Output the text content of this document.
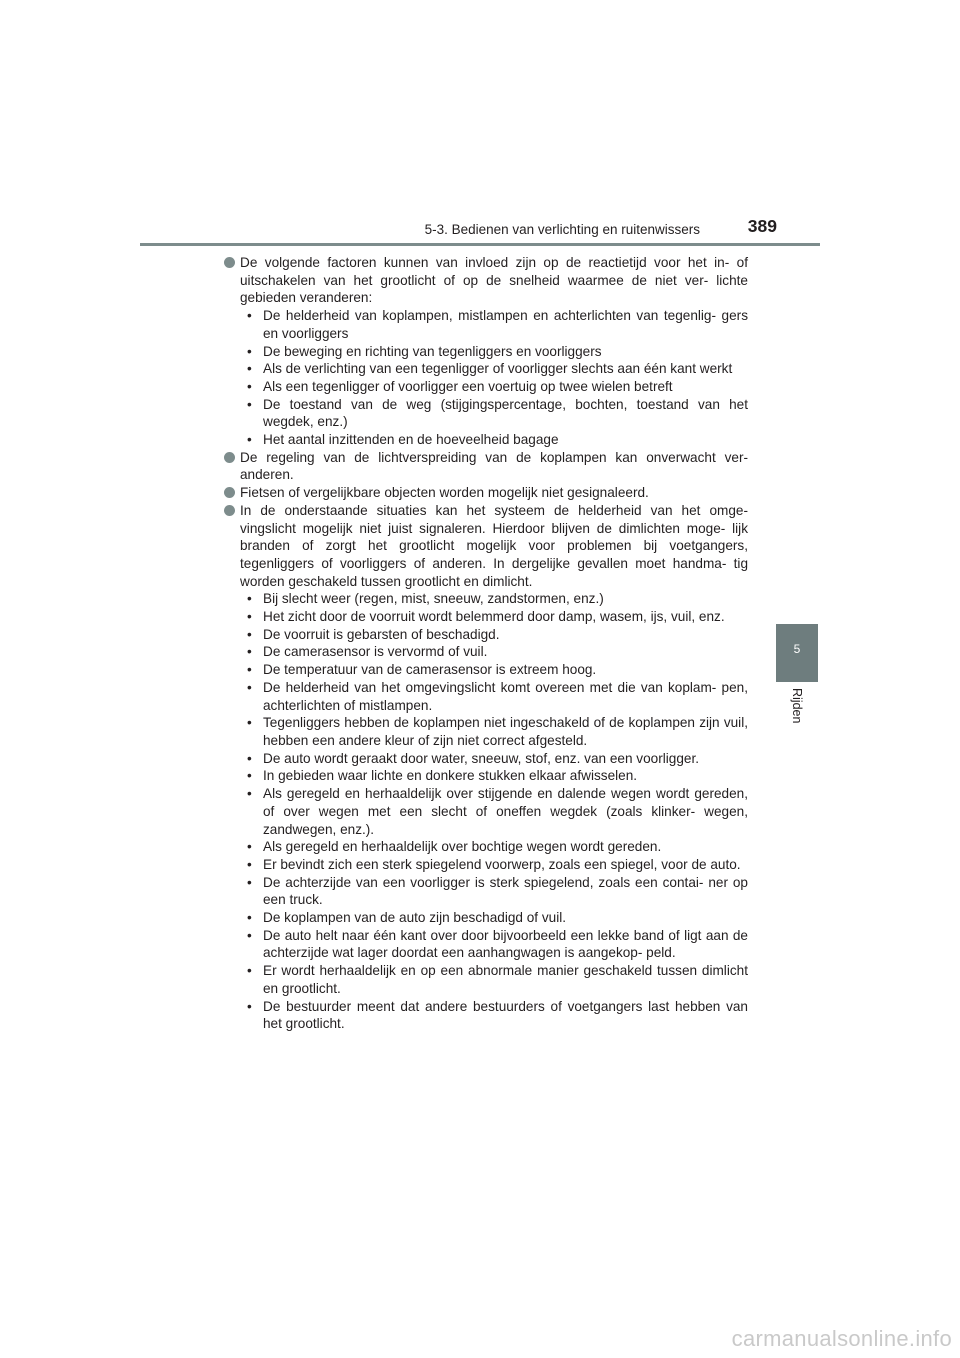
5-3. Bedienen van verlichting en ruitenwissers	389
5
Rijden
De volgende factoren kunnen van invloed zijn op de reactietijd voor het in- of uitschakelen van het grootlicht of op de snelheid waarmee de niet ver- lichte gebieden veranderen:
• De helderheid van koplampen, mistlampen en achterlichten van tegenlig- gers en voorliggers
• De beweging en richting van tegenliggers en voorliggers
• Als de verlichting van een tegenligger of voorligger slechts aan één kant werkt
• Als een tegenligger of voorligger een voertuig op twee wielen betreft
• De toestand van de weg (stijgingspercentage, bochten, toestand van het wegdek, enz.)
• Het aantal inzittenden en de hoeveelheid bagage
De regeling van de lichtverspreiding van de koplampen kan onverwacht ver- anderen.
Fietsen of vergelijkbare objecten worden mogelijk niet gesignaleerd.
In de onderstaande situaties kan het systeem de helderheid van het omge- vingslicht mogelijk niet juist signaleren. Hierdoor blijven de dimlichten moge- lijk branden of zorgt het grootlicht mogelijk voor problemen bij voetgangers, tegenliggers of voorliggers of anderen. In dergelijke gevallen moet handma- tig worden geschakeld tussen grootlicht en dimlicht.
• Bij slecht weer (regen, mist, sneeuw, zandstormen, enz.)
• Het zicht door de voorruit wordt belemmerd door damp, wasem, ijs, vuil, enz.
• De voorruit is gebarsten of beschadigd.
• De camerasensor is vervormd of vuil.
• De temperatuur van de camerasensor is extreem hoog.
• De helderheid van het omgevingslicht komt overeen met die van koplam- pen, achterlichten of mistlampen.
• Tegenliggers hebben de koplampen niet ingeschakeld of de koplampen zijn vuil, hebben een andere kleur of zijn niet correct afgesteld.
• De auto wordt geraakt door water, sneeuw, stof, enz. van een voorligger.
• In gebieden waar lichte en donkere stukken elkaar afwisselen.
• Als geregeld en herhaaldelijk over stijgende en dalende wegen wordt gereden, of over wegen met een slecht of oneffen wegdek (zoals klinker- wegen, zandwegen, enz.).
• Als geregeld en herhaaldelijk over bochtige wegen wordt gereden.
• Er bevindt zich een sterk spiegelend voorwerp, zoals een spiegel, voor de auto.
• De achterzijde van een voorligger is sterk spiegelend, zoals een contai- ner op een truck.
• De koplampen van de auto zijn beschadigd of vuil.
• De auto helt naar één kant over door bijvoorbeeld een lekke band of ligt aan de achterzijde wat lager doordat een aanhangwagen is aangekop- peld.
• Er wordt herhaaldelijk en op een abnormale manier geschakeld tussen dimlicht en grootlicht.
• De bestuurder meent dat andere bestuurders of voetgangers last hebben van het grootlicht.
carmanualsonline.info
